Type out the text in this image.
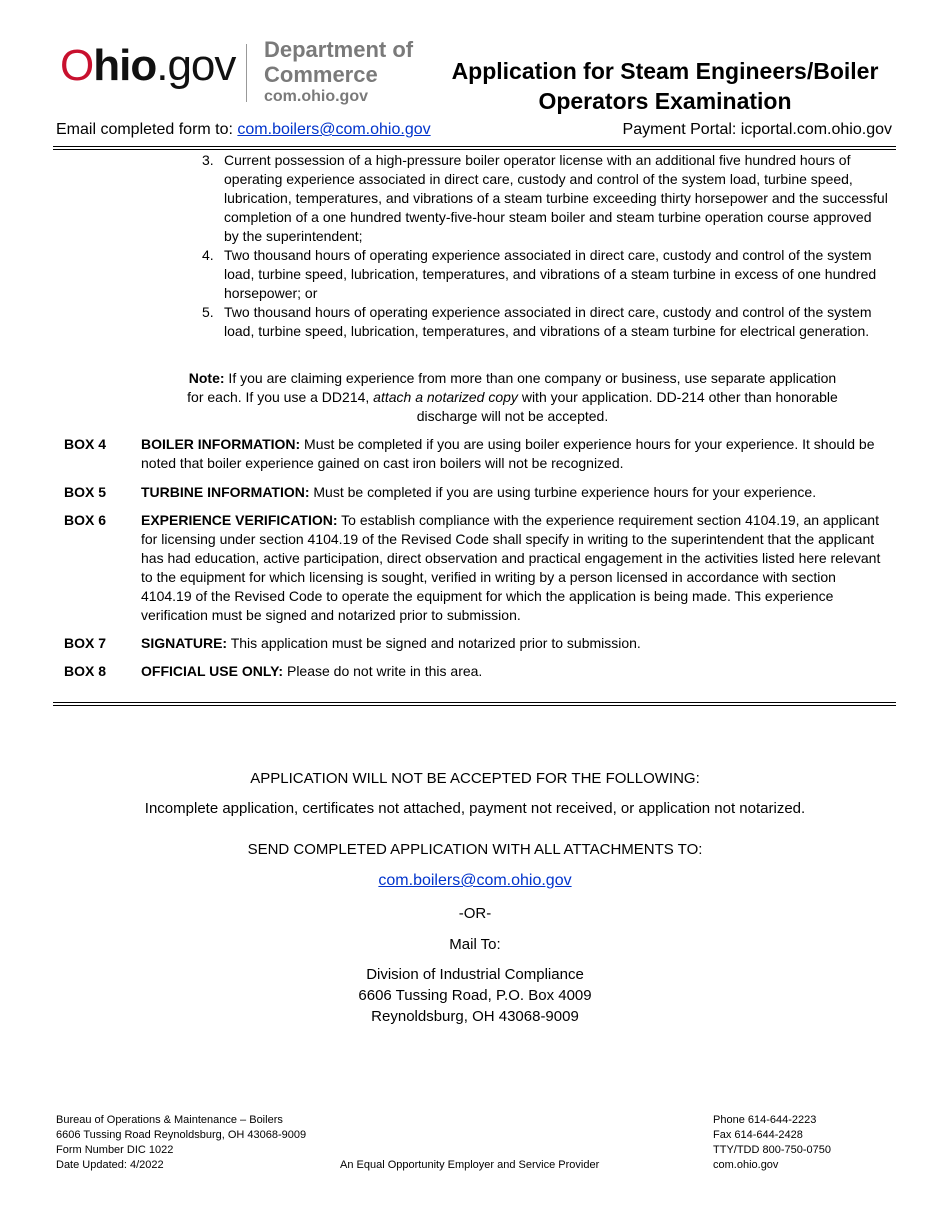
Ohio.gov Department of
Commerce
com.ohio.gov
Application for Steam Engineers/Boiler
Operators Examination
Email completed form to: com.boilers@com.ohio.gov	Payment Portal: icportal.com.ohio.gov
3. Current possession of a high-pressure boiler operator license with an additional five hundred hours of operating experience associated in direct care, custody and control of the system load, turbine speed, lubrication, temperatures, and vibrations of a steam turbine exceeding thirty horsepower and the successful completion of a one hundred twenty-five-hour steam boiler and steam turbine operation course approved by the superintendent;
4. Two thousand hours of operating experience associated in direct care, custody and control of the system load, turbine speed, lubrication, temperatures, and vibrations of a steam turbine in excess of one hundred horsepower; or
5. Two thousand hours of operating experience associated in direct care, custody and control of the system load, turbine speed, lubrication, temperatures, and vibrations of a steam turbine for electrical generation.
Note: If you are claiming experience from more than one company or business, use separate application for each. If you use a DD214, attach a notarized copy with your application. DD-214 other than honorable discharge will not be accepted.
BOX 4	BOILER INFORMATION: Must be completed if you are using boiler experience hours for your experience. It should be noted that boiler experience gained on cast iron boilers will not be recognized.
BOX 5	TURBINE INFORMATION: Must be completed if you are using turbine experience hours for your experience.
BOX 6	EXPERIENCE VERIFICATION: To establish compliance with the experience requirement section 4104.19, an applicant for licensing under section 4104.19 of the Revised Code shall specify in writing to the superintendent that the applicant has had education, active participation, direct observation and practical engagement in the activities listed here relevant to the equipment for which licensing is sought, verified in writing by a person licensed in accordance with section 4104.19 of the Revised Code to operate the equipment for which the application is being made. This experience verification must be signed and notarized prior to submission.
BOX 7	SIGNATURE: This application must be signed and notarized prior to submission.
BOX 8	OFFICIAL USE ONLY: Please do not write in this area.
APPLICATION WILL NOT BE ACCEPTED FOR THE FOLLOWING:
Incomplete application, certificates not attached, payment not received, or application not notarized.
SEND COMPLETED APPLICATION WITH ALL ATTACHMENTS TO:
com.boilers@com.ohio.gov
-OR-
Mail To:
Division of Industrial Compliance
6606 Tussing Road, P.O. Box 4009
Reynoldsburg, OH 43068-9009
Bureau of Operations & Maintenance – Boilers
6606 Tussing Road Reynoldsburg, OH 43068-9009
Form Number DIC 1022
Date Updated: 4/2022	An Equal Opportunity Employer and Service Provider
Phone 614-644-2223
Fax 614-644-2428
TTY/TDD 800-750-0750
com.ohio.gov
